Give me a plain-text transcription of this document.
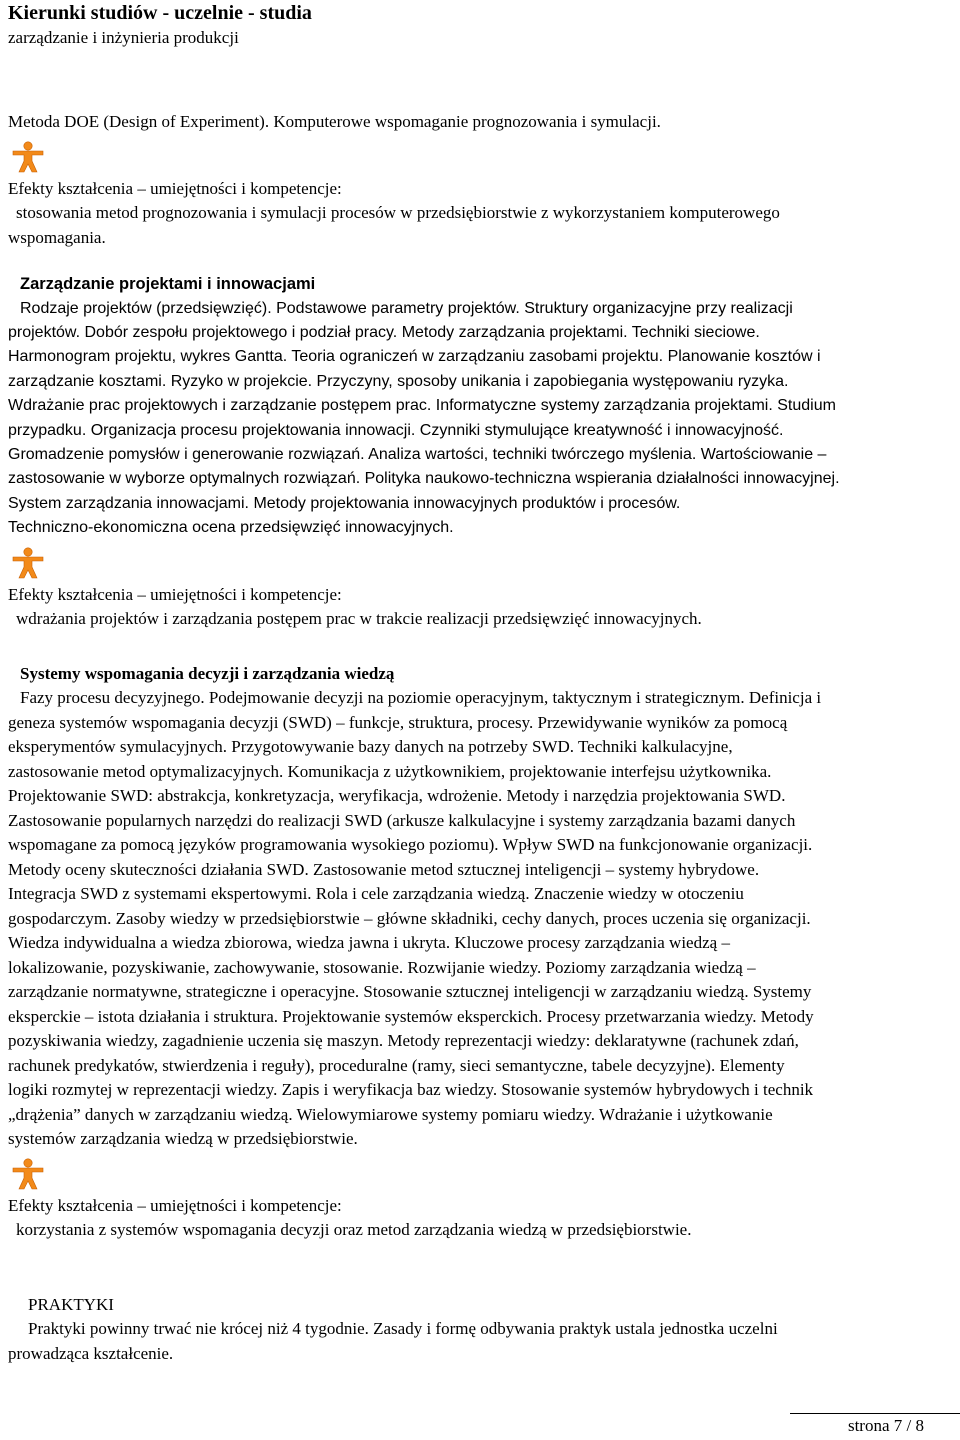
Kierunki studiów - uczelnie - studia
zarządzanie i inżynieria produkcji

Metoda DOE (Design of Experiment). Komputerowe wspomaganie prognozowania i symulacji.

Efekty kształcenia – umiejętności i kompetencje:

stosowania metod prognozowania i symulacji procesów w przedsiębiorstwie z wykorzystaniem komputerowego

wspomagania.

Zarządzanie projektami i innowacjami

Rodzaje projektów (przedsięwzięć). Podstawowe parametry projektów. Struktury organizacyjne przy realizacji

projektów. Dobór zespołu projektowego i podział pracy. Metody zarządzania projektami. Techniki sieciowe.

Harmonogram projektu, wykres Gantta. Teoria ograniczeń w zarządzaniu zasobami projektu. Planowanie kosztów i

zarządzanie kosztami. Ryzyko w projekcie. Przyczyny, sposoby unikania i zapobiegania występowaniu ryzyka.

Wdrażanie prac projektowych i zarządzanie postępem prac. Informatyczne systemy zarządzania projektami. Studium

przypadku. Organizacja procesu projektowania innowacji. Czynniki stymulujące kreatywność i innowacyjność.

Gromadzenie pomysłów i generowanie rozwiązań. Analiza wartości, techniki twórczego myślenia. Wartościowanie –

zastosowanie w wyborze optymalnych rozwiązań. Polityka naukowo-techniczna wspierania działalności innowacyjnej.

System zarządzania innowacjami. Metody projektowania innowacyjnych produktów i procesów.

Techniczno-ekonomiczna ocena przedsięwzięć innowacyjnych.

Efekty kształcenia – umiejętności i kompetencje:

wdrażania projektów i zarządzania postępem prac w trakcie realizacji przedsięwzięć innowacyjnych.

Systemy wspomagania decyzji i zarządzania wiedzą

Fazy procesu decyzyjnego. Podejmowanie decyzji na poziomie operacyjnym, taktycznym i strategicznym. Definicja i

geneza systemów wspomagania decyzji (SWD) – funkcje, struktura, procesy. Przewidywanie wyników za pomocą

eksperymentów symulacyjnych. Przygotowywanie bazy danych na potrzeby SWD. Techniki kalkulacyjne,

zastosowanie metod optymalizacyjnych. Komunikacja z użytkownikiem, projektowanie interfejsu użytkownika.

Projektowanie SWD: abstrakcja, konkretyzacja, weryfikacja, wdrożenie. Metody i narzędzia projektowania SWD.

Zastosowanie popularnych narzędzi do realizacji SWD (arkusze kalkulacyjne i systemy zarządzania bazami danych

wspomagane za pomocą języków programowania wysokiego poziomu). Wpływ SWD na funkcjonowanie organizacji.

Metody oceny skuteczności działania SWD. Zastosowanie metod sztucznej inteligencji – systemy hybrydowe.

Integracja SWD z systemami ekspertowymi. Rola i cele zarządzania wiedzą. Znaczenie wiedzy w otoczeniu

gospodarczym. Zasoby wiedzy w przedsiębiorstwie – główne składniki, cechy danych, proces uczenia się organizacji.

Wiedza indywidualna a wiedza zbiorowa, wiedza jawna i ukryta. Kluczowe procesy zarządzania wiedzą –

lokalizowanie, pozyskiwanie, zachowywanie, stosowanie. Rozwijanie wiedzy. Poziomy zarządzania wiedzą –

zarządzanie normatywne, strategiczne i operacyjne. Stosowanie sztucznej inteligencji w zarządzaniu wiedzą. Systemy

eksperckie – istota działania i struktura. Projektowanie systemów eksperckich. Procesy przetwarzania wiedzy. Metody

pozyskiwania wiedzy, zagadnienie uczenia się maszyn. Metody reprezentacji wiedzy: deklaratywne (rachunek zdań,

rachunek predykatów, stwierdzenia i reguły), proceduralne (ramy, sieci semantyczne, tabele decyzyjne). Elementy

logiki rozmytej w reprezentacji wiedzy. Zapis i weryfikacja baz wiedzy. Stosowanie systemów hybrydowych i technik

„drążenia” danych w zarządzaniu wiedzą. Wielowymiarowe systemy pomiaru wiedzy. Wdrażanie i użytkowanie

systemów zarządzania wiedzą w przedsiębiorstwie.

Efekty kształcenia – umiejętności i kompetencje:

korzystania z systemów wspomagania decyzji oraz metod zarządzania wiedzą w przedsiębiorstwie.

PRAKTYKI

Praktyki powinny trwać nie krócej niż 4 tygodnie. Zasady i formę odbywania praktyk ustala jednostka uczelni

prowadząca kształcenie.

strona 7 / 8
